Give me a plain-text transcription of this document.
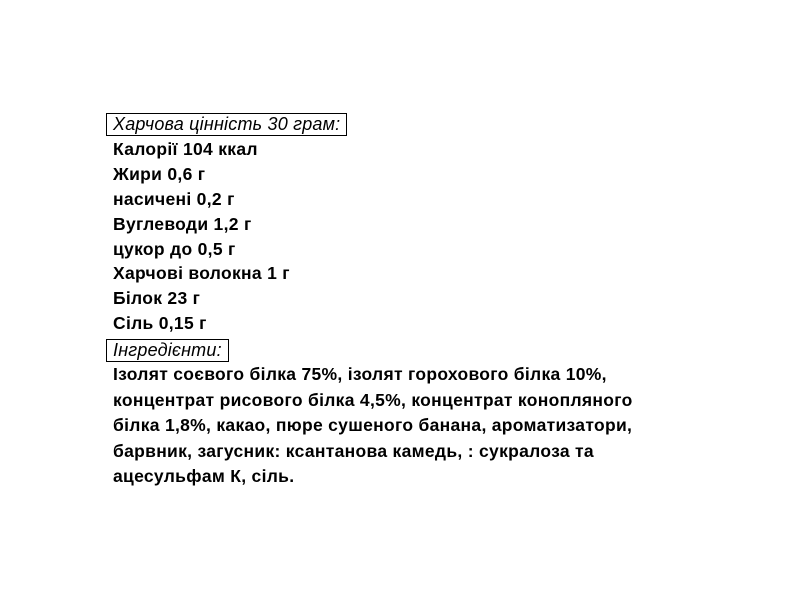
Харчова цінність 30 грам:
Калорії 104 ккал
Жири 0,6 г
насичені 0,2 г
Вуглеводи 1,2 г
цукор до 0,5 г
Харчові волокна 1 г
Білок 23 г
Сіль 0,15 г
Інгредієнти:

Ізолят соєвого білка 75%, ізолят горохового білка 10%,
концентрат рисового білка 4,5%, концентрат конопляного
білка 1,8%, какао, пюре сушеного банана, ароматизатори,
барвник, загусник: ксантанова камедь, : сукралоза та
ацесульфам К, сіль.
